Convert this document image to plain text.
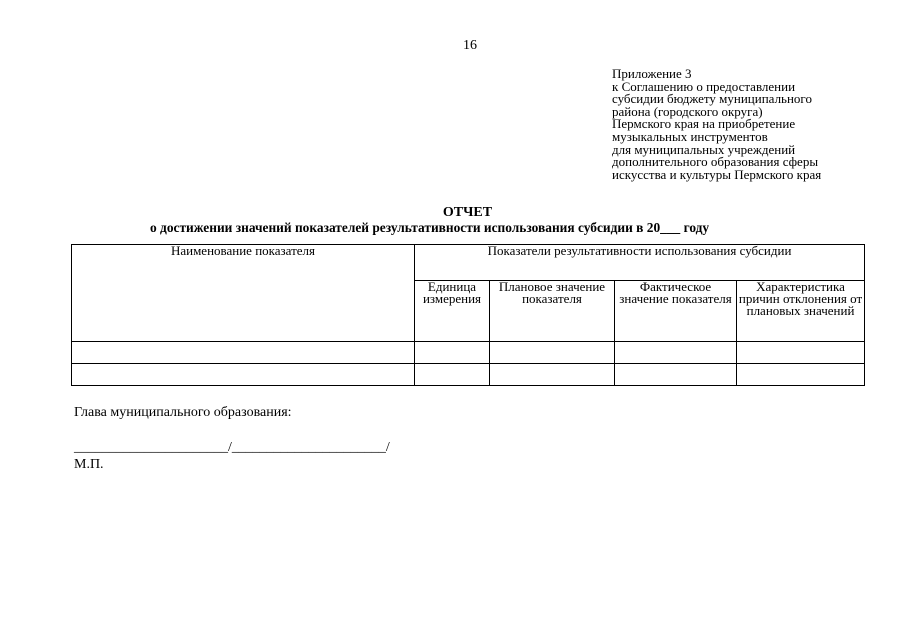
16
Приложение 3
к Соглашению о предоставлении
субсидии бюджету муниципального
района (городского округа)
Пермского края на приобретение
музыкальных инструментов
для муниципальных учреждений
дополнительного образования сферы
искусства и культуры Пермского края
ОТЧЕТ
о достижении значений показателей результативности использования субсидии в 20___ году
Наименование показателя	Показатели результативности использования субсидии			
	Единица измерения	Плановое значение показателя	Фактическое значение показателя	Характеристика причин отклонения от плановых значений

Глава муниципального образования:
______________________/______________________/
М.П.
